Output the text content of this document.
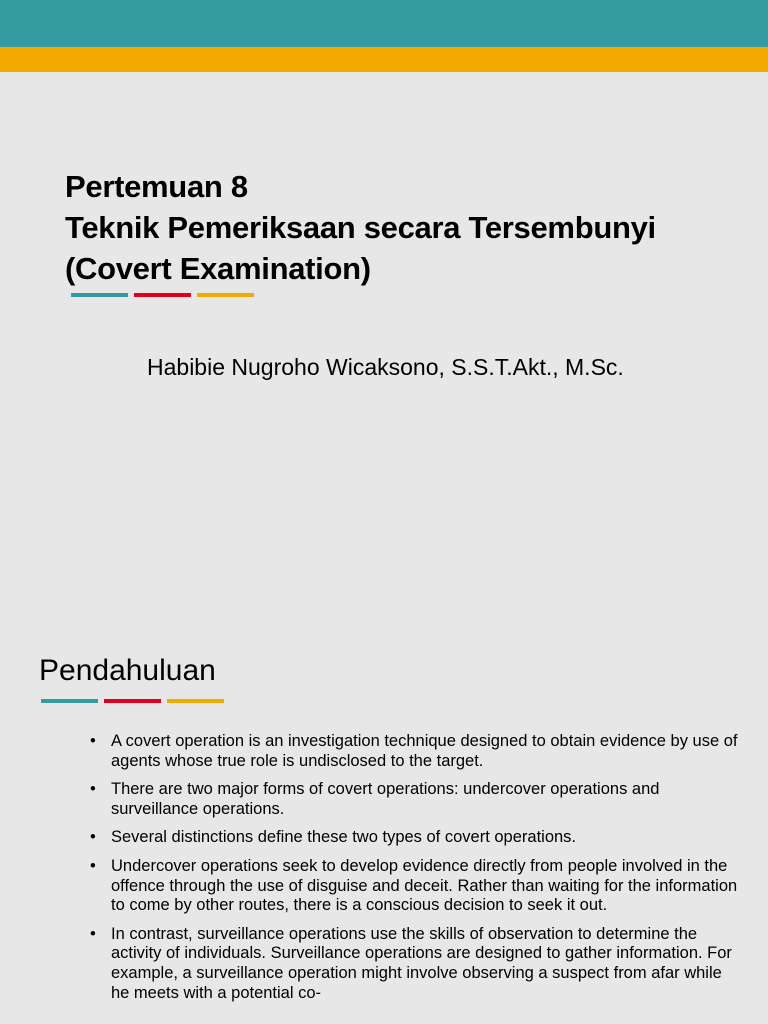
Pertemuan 8
Teknik Pemeriksaan secara Tersembunyi
(Covert Examination)
Habibie Nugroho Wicaksono, S.S.T.Akt., M.Sc.
Pendahuluan
• A covert operation is an investigation technique designed to obtain evidence by use of agents whose true role is undisclosed to the target.
• There are two major forms of covert operations: undercover operations and surveillance operations.
• Several distinctions define these two types of covert operations.
• Undercover operations seek to develop evidence directly from people involved in the offence through the use of disguise and deceit. Rather than waiting for the information to come by other routes, there is a conscious decision to seek it out.
• In contrast, surveillance operations use the skills of observation to determine the activity of individuals. Surveillance operations are designed to gather information. For example, a surveillance operation might involve observing a suspect from afar while he meets with a potential co-
